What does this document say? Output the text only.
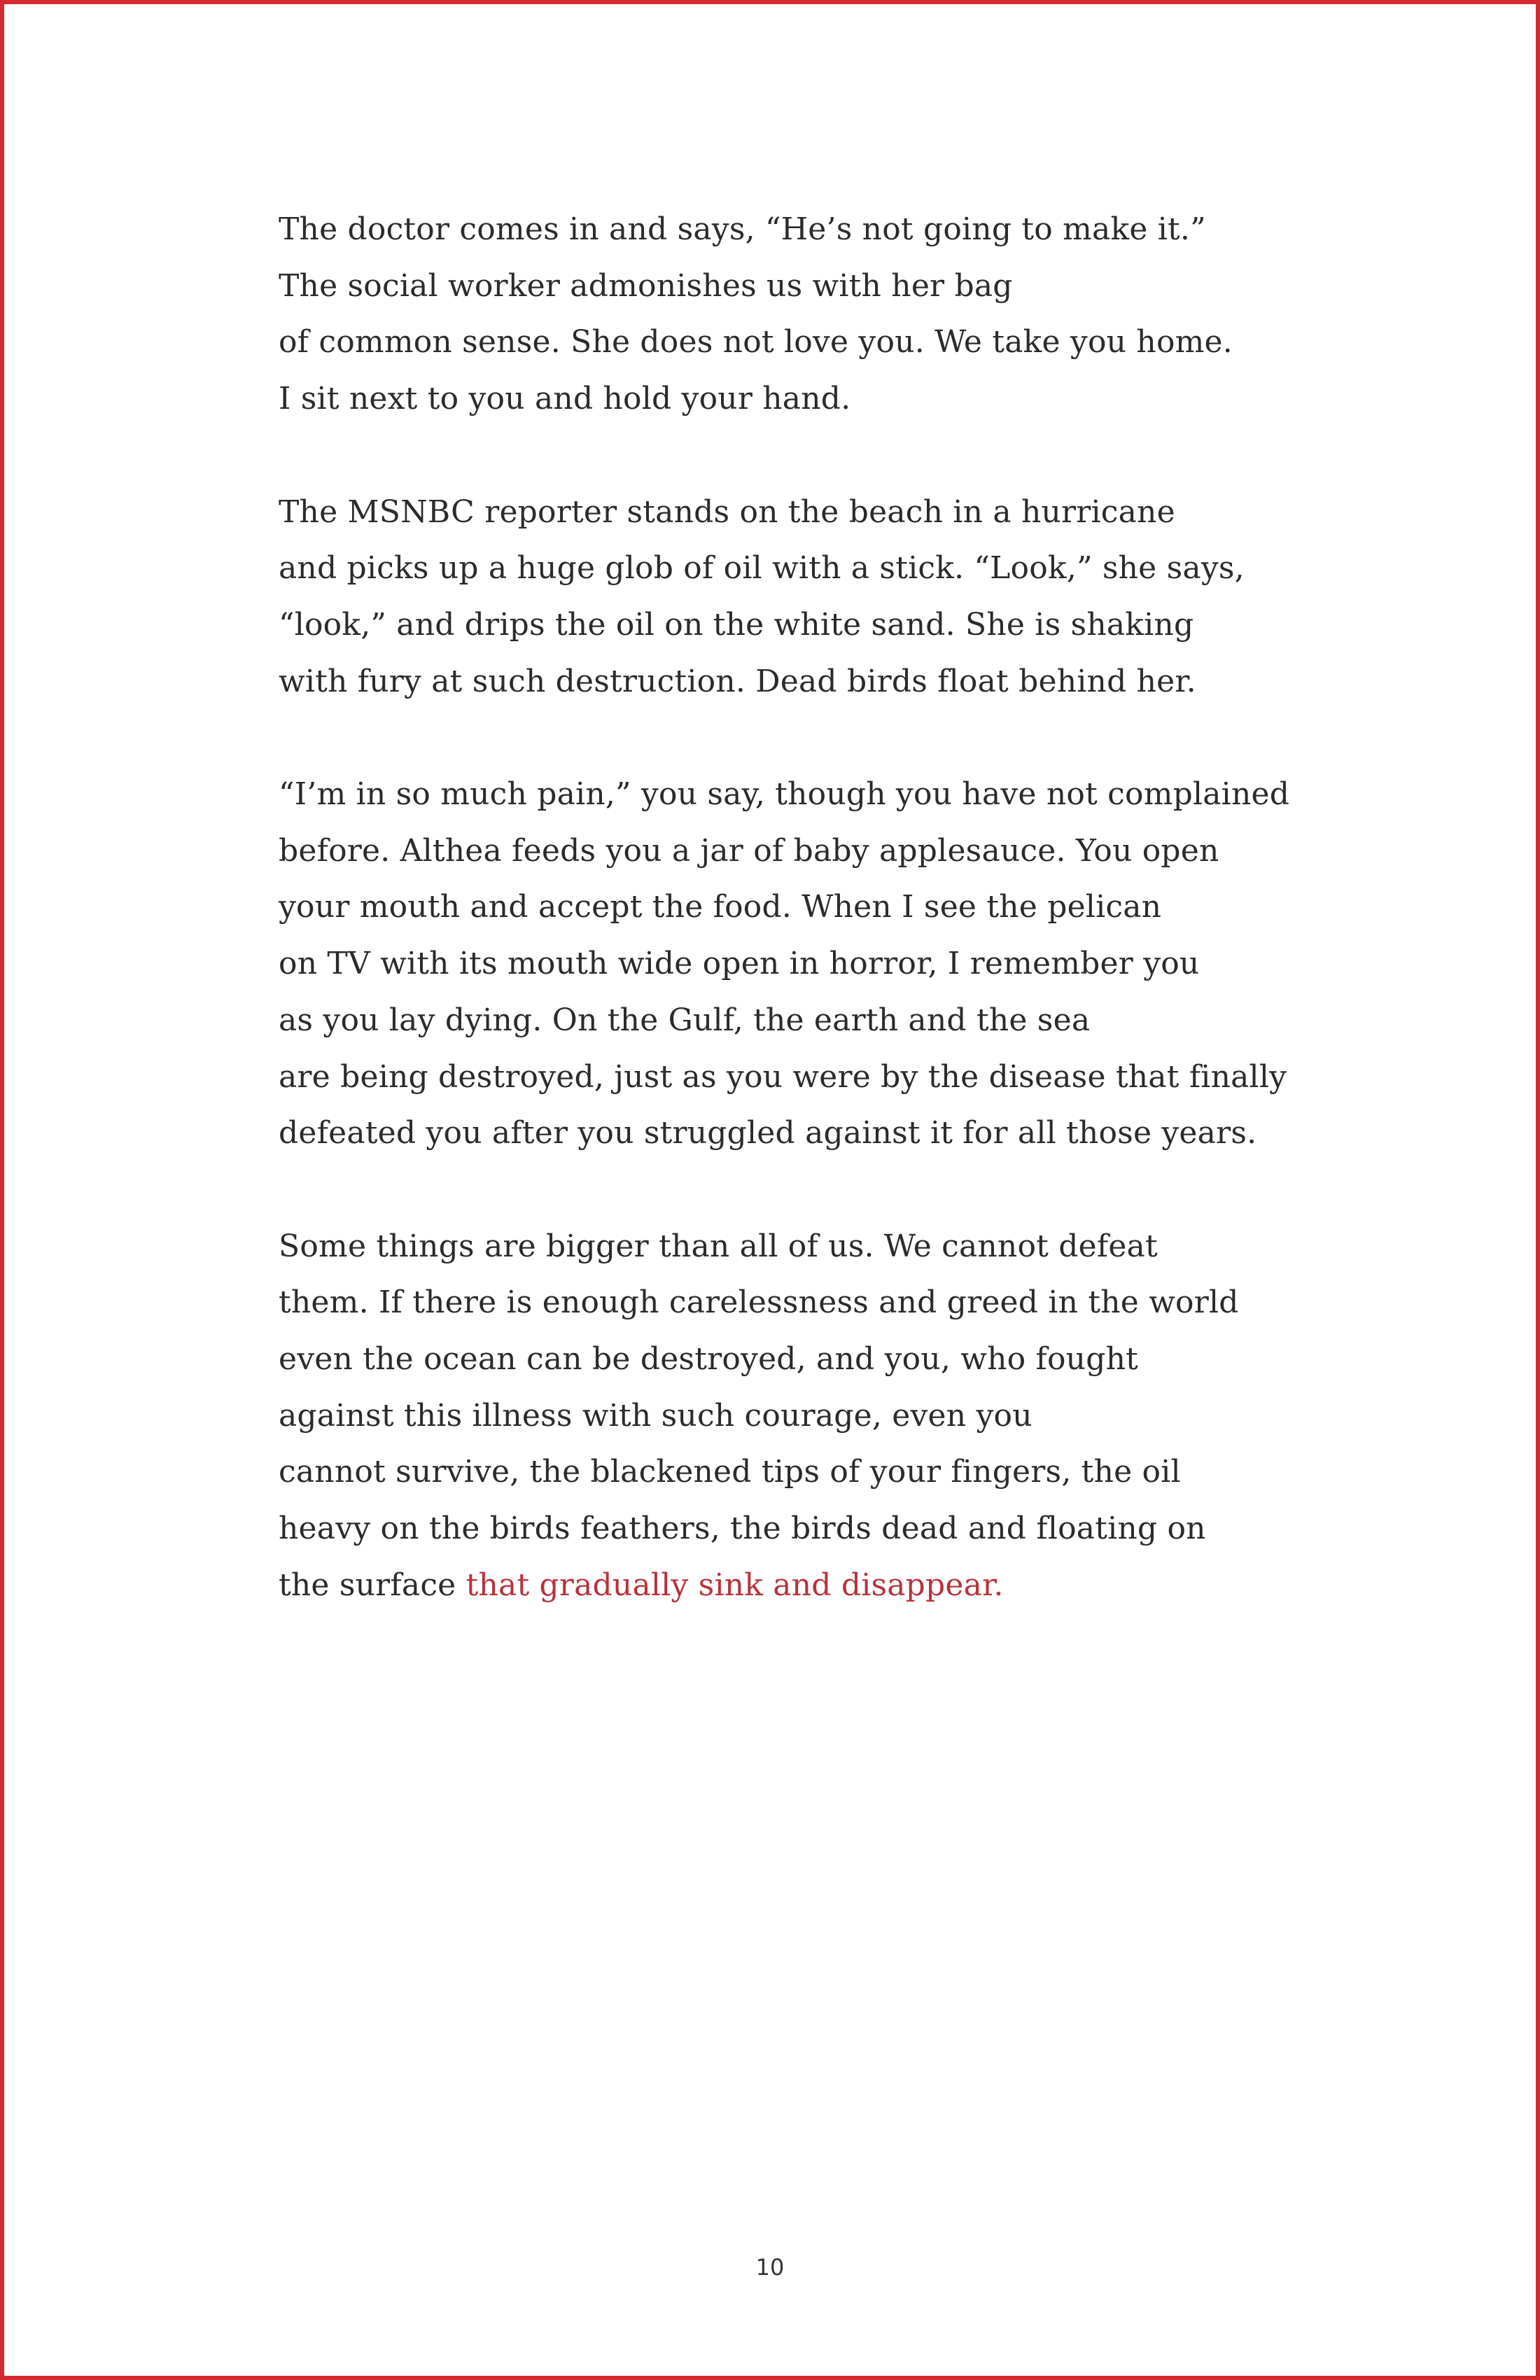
The doctor comes in and says, “He’s not going to make it.”
The social worker admonishes us with her bag
of common sense. She does not love you. We take you home.
I sit next to you and hold your hand.
The MSNBC reporter stands on the beach in a hurricane
and picks up a huge glob of oil with a stick. “Look,” she says,
“look,” and drips the oil on the white sand. She is shaking
with fury at such destruction. Dead birds float behind her.
“I’m in so much pain,” you say, though you have not complained
before. Althea feeds you a jar of baby applesauce. You open
your mouth and accept the food. When I see the pelican
on TV with its mouth wide open in horror, I remember you
as you lay dying. On the Gulf, the earth and the sea
are being destroyed, just as you were by the disease that finally
defeated you after you struggled against it for all those years.
Some things are bigger than all of us. We cannot defeat
them. If there is enough carelessness and greed in the world
even the ocean can be destroyed, and you, who fought
against this illness with such courage, even you
cannot survive, the blackened tips of your fingers, the oil
heavy on the birds feathers, the birds dead and floating on
the surface that gradually sink and disappear.
10
